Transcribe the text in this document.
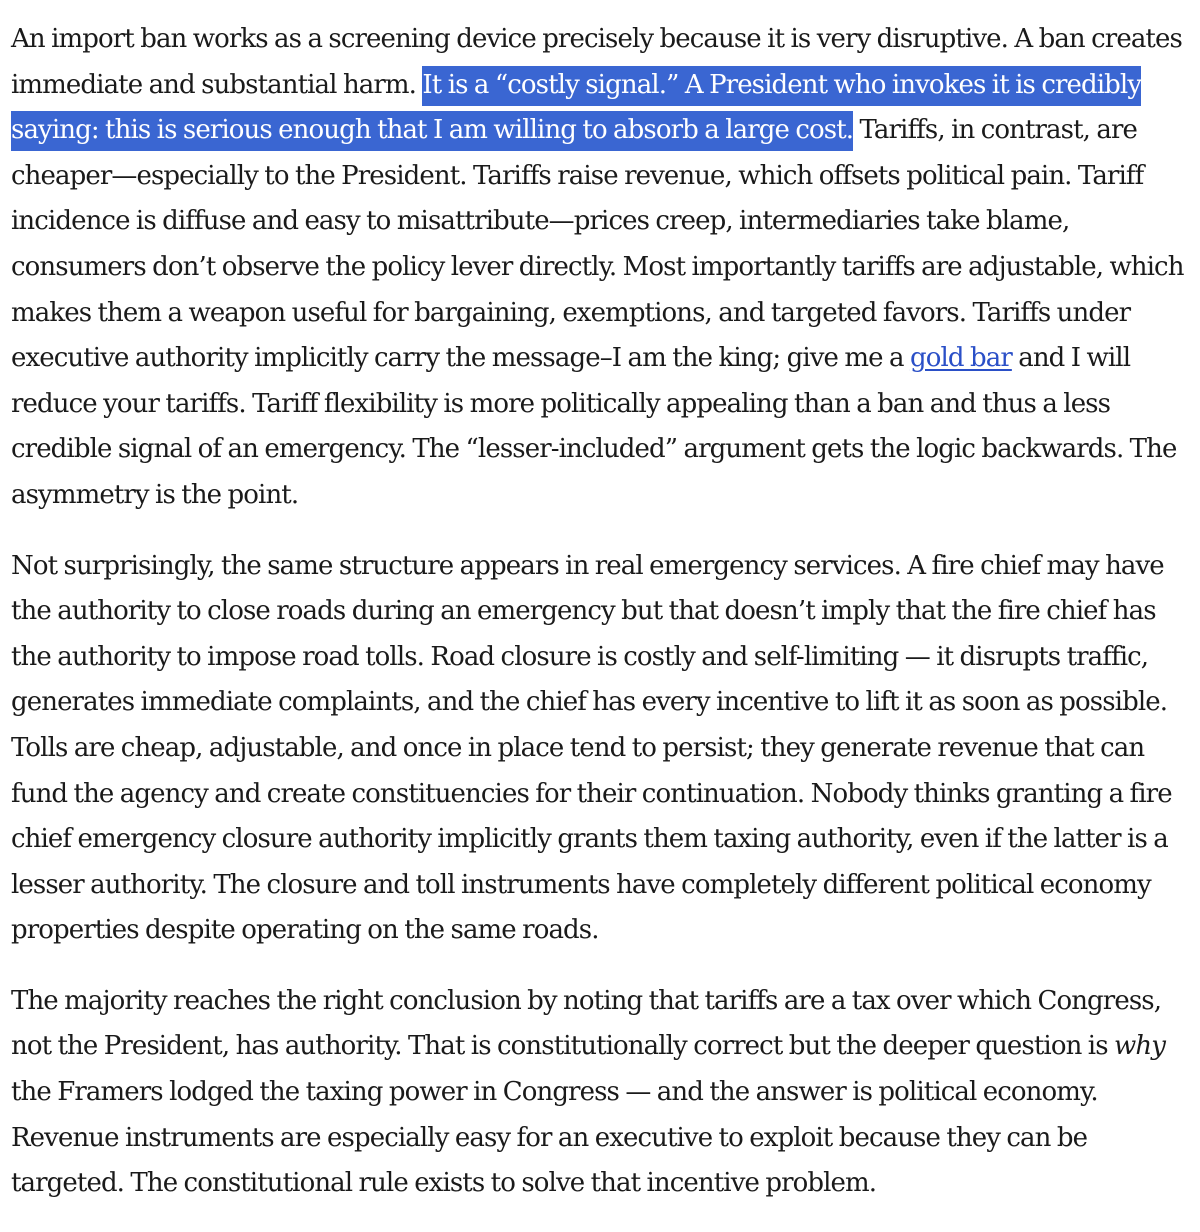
An import ban works as a screening device precisely because it is very disruptive. A ban creates immediate and substantial harm. It is a “costly signal.” A President who invokes it is credibly saying: this is serious enough that I am willing to absorb a large cost. Tariffs, in contrast, are cheaper—especially to the President. Tariffs raise revenue, which offsets political pain. Tariff incidence is diffuse and easy to misattribute—prices creep, intermediaries take blame, consumers don’t observe the policy lever directly. Most importantly tariffs are adjustable, which makes them a weapon useful for bargaining, exemptions, and targeted favors. Tariffs under executive authority implicitly carry the message–I am the king; give me a gold bar and I will reduce your tariffs. Tariff flexibility is more politically appealing than a ban and thus a less credible signal of an emergency. The “lesser-included” argument gets the logic backwards. The asymmetry is the point.

Not surprisingly, the same structure appears in real emergency services. A fire chief may have the authority to close roads during an emergency but that doesn’t imply that the fire chief has the authority to impose road tolls. Road closure is costly and self-limiting — it disrupts traffic, generates immediate complaints, and the chief has every incentive to lift it as soon as possible. Tolls are cheap, adjustable, and once in place tend to persist; they generate revenue that can fund the agency and create constituencies for their continuation. Nobody thinks granting a fire chief emergency closure authority implicitly grants them taxing authority, even if the latter is a lesser authority. The closure and toll instruments have completely different political economy properties despite operating on the same roads.

The majority reaches the right conclusion by noting that tariffs are a tax over which Congress, not the President, has authority. That is constitutionally correct but the deeper question is why the Framers lodged the taxing power in Congress — and the answer is political economy. Revenue instruments are especially easy for an executive to exploit because they can be targeted. The constitutional rule exists to solve that incentive problem.
